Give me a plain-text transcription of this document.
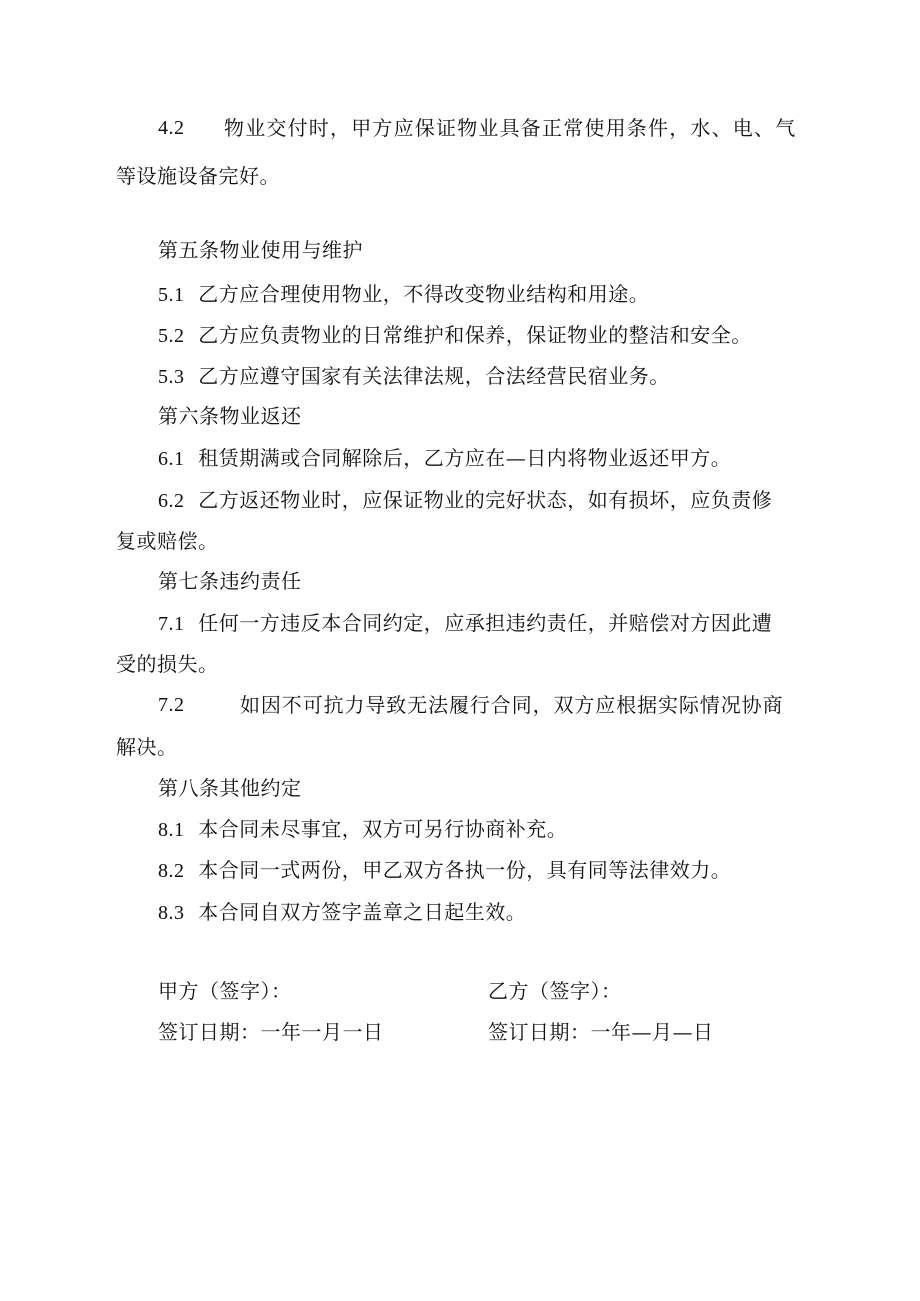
4.2 物业交付时，甲方应保证物业具备正常使用条件，水、电、气
等设施设备完好。
第五条物业使用与维护
5.1 乙方应合理使用物业，不得改变物业结构和用途。
5.2 乙方应负责物业的日常维护和保养，保证物业的整洁和安全。
5.3 乙方应遵守国家有关法律法规，合法经营民宿业务。
第六条物业返还
6.1 租赁期满或合同解除后，乙方应在—日内将物业返还甲方。
6.2 乙方返还物业时，应保证物业的完好状态，如有损坏，应负责修
复或赔偿。
第七条违约责任
7.1 任何一方违反本合同约定，应承担违约责任，并赔偿对方因此遭
受的损失。
7.2	如因不可抗力导致无法履行合同，双方应根据实际情况协商
解决。
第八条其他约定
8.1 本合同未尽事宜，双方可另行协商补充。
8.2 本合同一式两份，甲乙双方各执一份，具有同等法律效力。
8.3 本合同自双方签字盖章之日起生效。
甲方（签字）：	乙方（签字）：
签订日期：一年一月一日	签订日期：一年—月—日
